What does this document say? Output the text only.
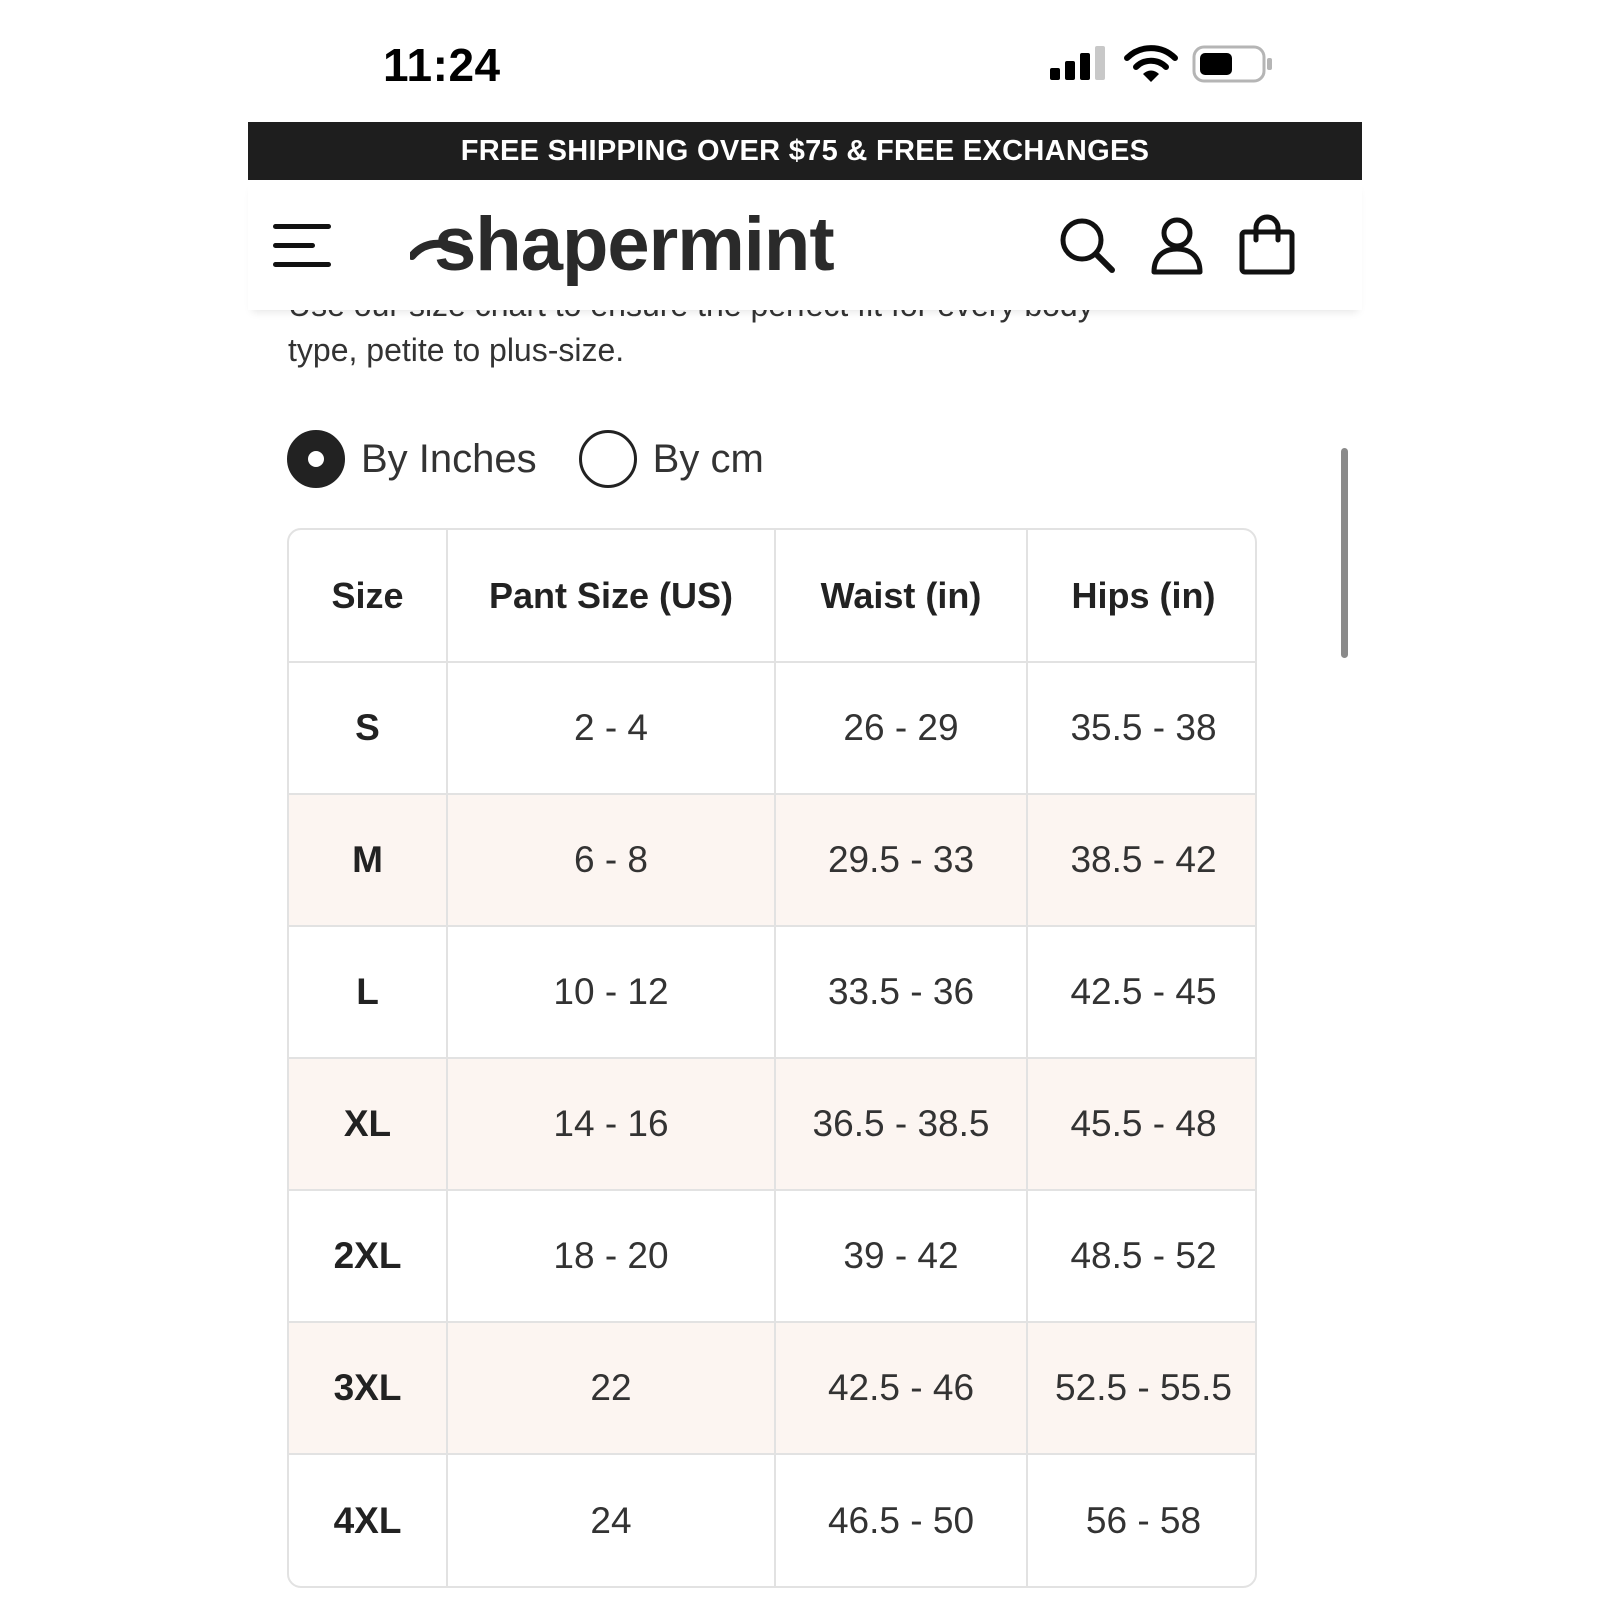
11:24
FREE SHIPPING OVER $75 & FREE EXCHANGES
shapermint
type, petite to plus-size.
By Inches	By cm
Size	Pant Size (US)	Waist (in)	Hips (in)
S	2 - 4	26 - 29	35.5 - 38
M	6 - 8	29.5 - 33	38.5 - 42
L	10 - 12	33.5 - 36	42.5 - 45
XL	14 - 16	36.5 - 38.5	45.5 - 48
2XL	18 - 20	39 - 42	48.5 - 52
3XL	22	42.5 - 46	52.5 - 55.5
4XL	24	46.5 - 50	56 - 58
